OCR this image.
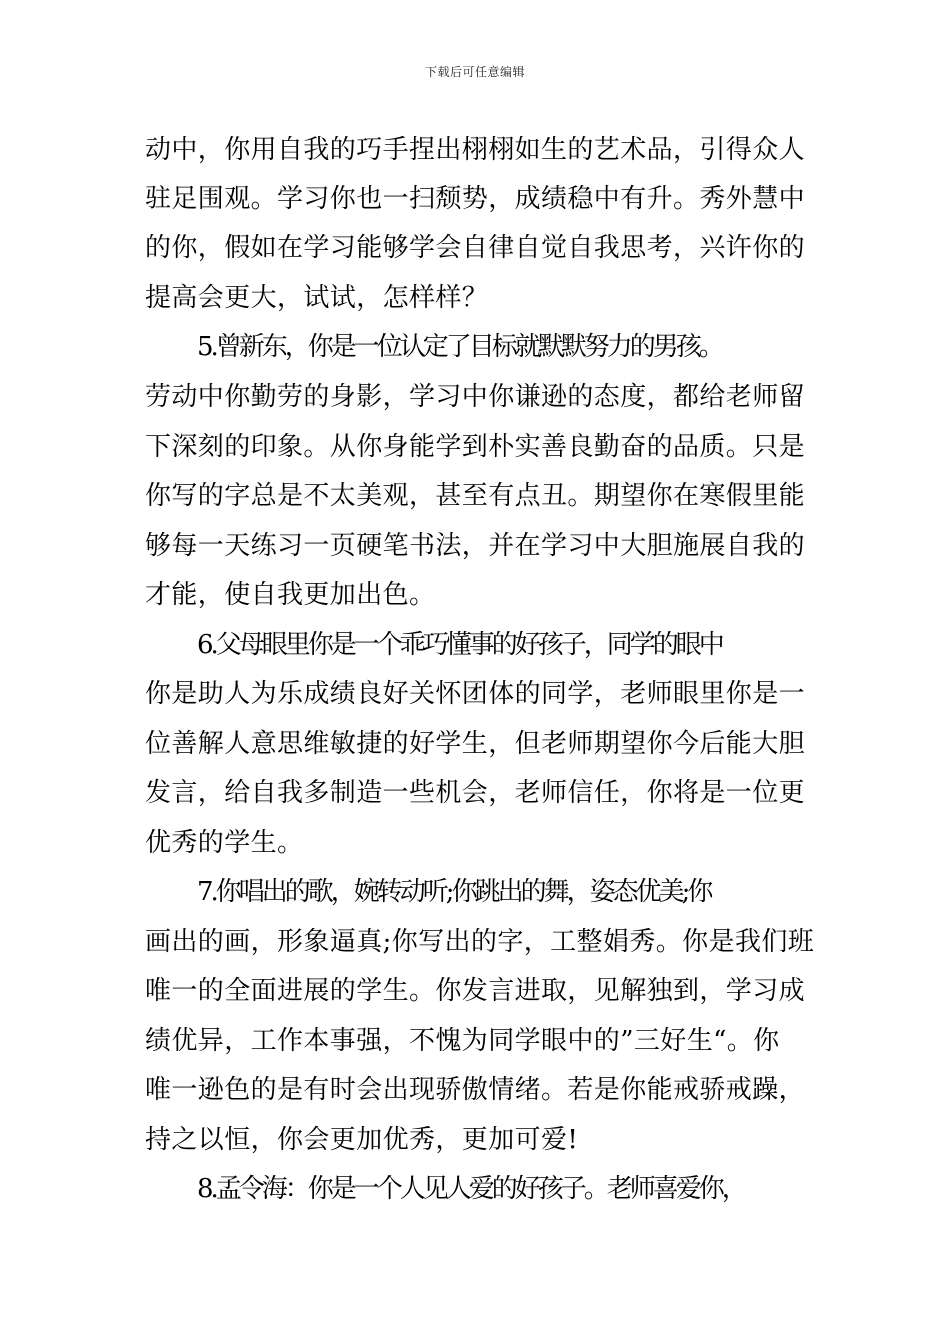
下载后可任意编辑
动中，你用自我的巧手捏出栩栩如生的艺术品，引得众人
驻足围观。学习你也一扫颓势，成绩稳中有升。秀外慧中
的你，假如在学习能够学会自律自觉自我思考，兴许你的
提高会更大，试试，怎样样？
5.曾新东，你是一位认定了目标就默默努力的男孩。
劳动中你勤劳的身影，学习中你谦逊的态度，都给老师留
下深刻的印象。从你身能学到朴实善良勤奋的品质。只是
你写的字总是不太美观，甚至有点丑。期望你在寒假里能
够每一天练习一页硬笔书法，并在学习中大胆施展自我的
才能，使自我更加出色。
6.父母眼里你是一个乖巧懂事的好孩子，同学的眼中
你是助人为乐成绩良好关怀团体的同学，老师眼里你是一
位善解人意思维敏捷的好学生，但老师期望你今后能大胆
发言，给自我多制造一些机会，老师信任，你将是一位更
优秀的学生。
7.你唱出的歌，婉转动听;你跳出的舞，姿态优美;你
画出的画，形象逼真;你写出的字，工整娟秀。你是我们班
唯一的全面进展的学生。你发言进取，见解独到，学习成
绩优异，工作本事强，不愧为同学眼中的”三好生“。你
唯一逊色的是有时会出现骄傲情绪。若是你能戒骄戒躁，
持之以恒，你会更加优秀，更加可爱!
8.孟令海：你是一个人见人爱的好孩子。老师喜爱你，
